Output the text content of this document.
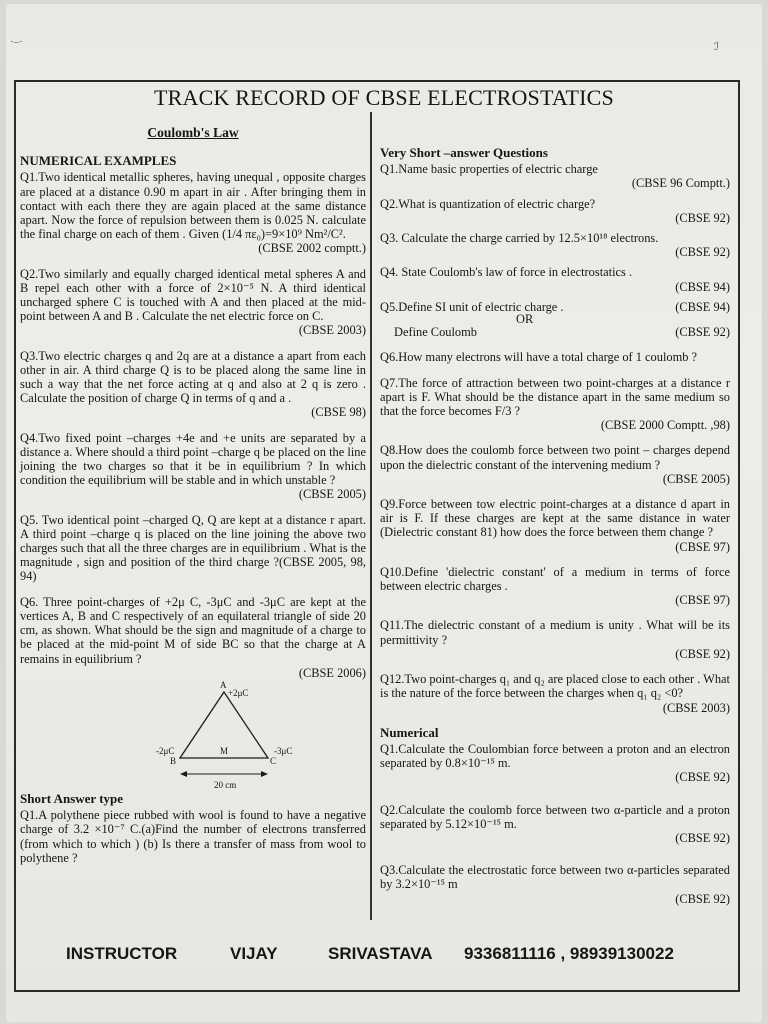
·‒·	ℐ
TRACK RECORD OF CBSE ELECTROSTATICS
Coulomb's Law
NUMERICAL EXAMPLES
Q1.Two identical metallic spheres, having unequal , opposite charges are placed at a distance 0.90 m apart in air . After bringing them in contact with each there they are again placed at the same distance apart. Now the force of repulsion between them is 0.025 N. calculate the final charge on each of them . Given (1/4 πε₀)=9×10⁹ Nm²/C².
(CBSE 2002 comptt.)
Q2.Two similarly and equally charged identical metal spheres A and B repel each other with a force of 2×10⁻⁵ N. A third identical uncharged sphere C is touched with A and then placed at the mid-point between A and B . Calculate the net electric force on C.
(CBSE 2003)
Q3.Two electric charges q and 2q are at a distance a apart from each other in air. A third charge Q is to be placed along the same line in such a way that the net force acting at q and also at 2 q is zero . Calculate the position of charge Q in terms of q and a .
(CBSE 98)
Q4.Two fixed point –charges +4e and +e units are separated by a distance a. Where should a third point –charge q be placed on the line joining the two charges so that it be in equilibrium ? In which condition the equilibrium will be stable and in which unstable ?
(CBSE 2005)
Q5. Two identical point –charged Q, Q are kept at a distance r apart. A third point –charge q is placed on the line joining the above two charges such that all the three charges are in equilibrium . What is the magnitude , sign and position of the third charge ?(CBSE 2005, 98, 94)
Q6. Three point-charges of +2μ C, -3μC and -3μC are kept at the vertices A, B and C respectively of an equilateral triangle of side 20 cm, as shown. What should be the sign and magnitude of a charge to be placed at the mid-point M of side BC so that the charge at A remains in equilibrium ?
(CBSE 2006)
A
+2μC
-2μC
B
M
C
-3μC
20 cm
Short Answer type
Q1.A polythene piece rubbed with wool is found to have a negative charge of 3.2 ×10⁻⁷ C.(a)Find the number of electrons transferred (from which to which ) (b) Is there a transfer of mass from wool to polythene ?
Very Short –answer Questions
Q1.Name basic properties of electric charge
(CBSE 96 Comptt.)
Q2.What is quantization of electric charge?
(CBSE 92)
Q3. Calculate the charge carried by 12.5×10¹⁸ electrons.
(CBSE 92)
Q4. State Coulomb's law of force in electrostatics .
(CBSE 94)
(CBSE 94)
Q5.Define SI unit of electric charge .
OR
(CBSE 92)
Define Coulomb
Q6.How many electrons will have a total charge of 1 coulomb ?
Q7.The force of attraction between two point-charges at a distance r apart is F. What should be the distance apart in the same medium so that the force becomes F/3 ?
(CBSE 2000 Comptt. ,98)
Q8.How does the coulomb force between two point – charges depend upon the dielectric constant of the intervening medium ?
(CBSE 2005)
Q9.Force between tow electric point-charges at a distance d apart in air is F. If these charges are kept at the same distance in water (Dielectric constant 81) how does the force between them change ?
(CBSE 97)
Q10.Define 'dielectric constant' of a medium in terms of force between electric charges .
(CBSE 97)
Q11.The dielectric constant of a medium is unity . What will be its permittivity ?
(CBSE 92)
Q12.Two point-charges q₁ and q₂ are placed close to each other . What is the nature of the force between the charges when q₁ q₂ <0?
(CBSE 2003)
Numerical
Q1.Calculate the Coulombian force between a proton and an electron separated by 0.8×10⁻¹⁵ m.
(CBSE 92)
Q2.Calculate the coulomb force between two α-particle and a proton separated by 5.12×10⁻¹⁵ m.
(CBSE 92)
Q3.Calculate the electrostatic force between two α-particles separated by 3.2×10⁻¹⁵ m
(CBSE 92)
INSTRUCTOR	VIJAY	SRIVASTAVA 9336811116 , 98939130022
